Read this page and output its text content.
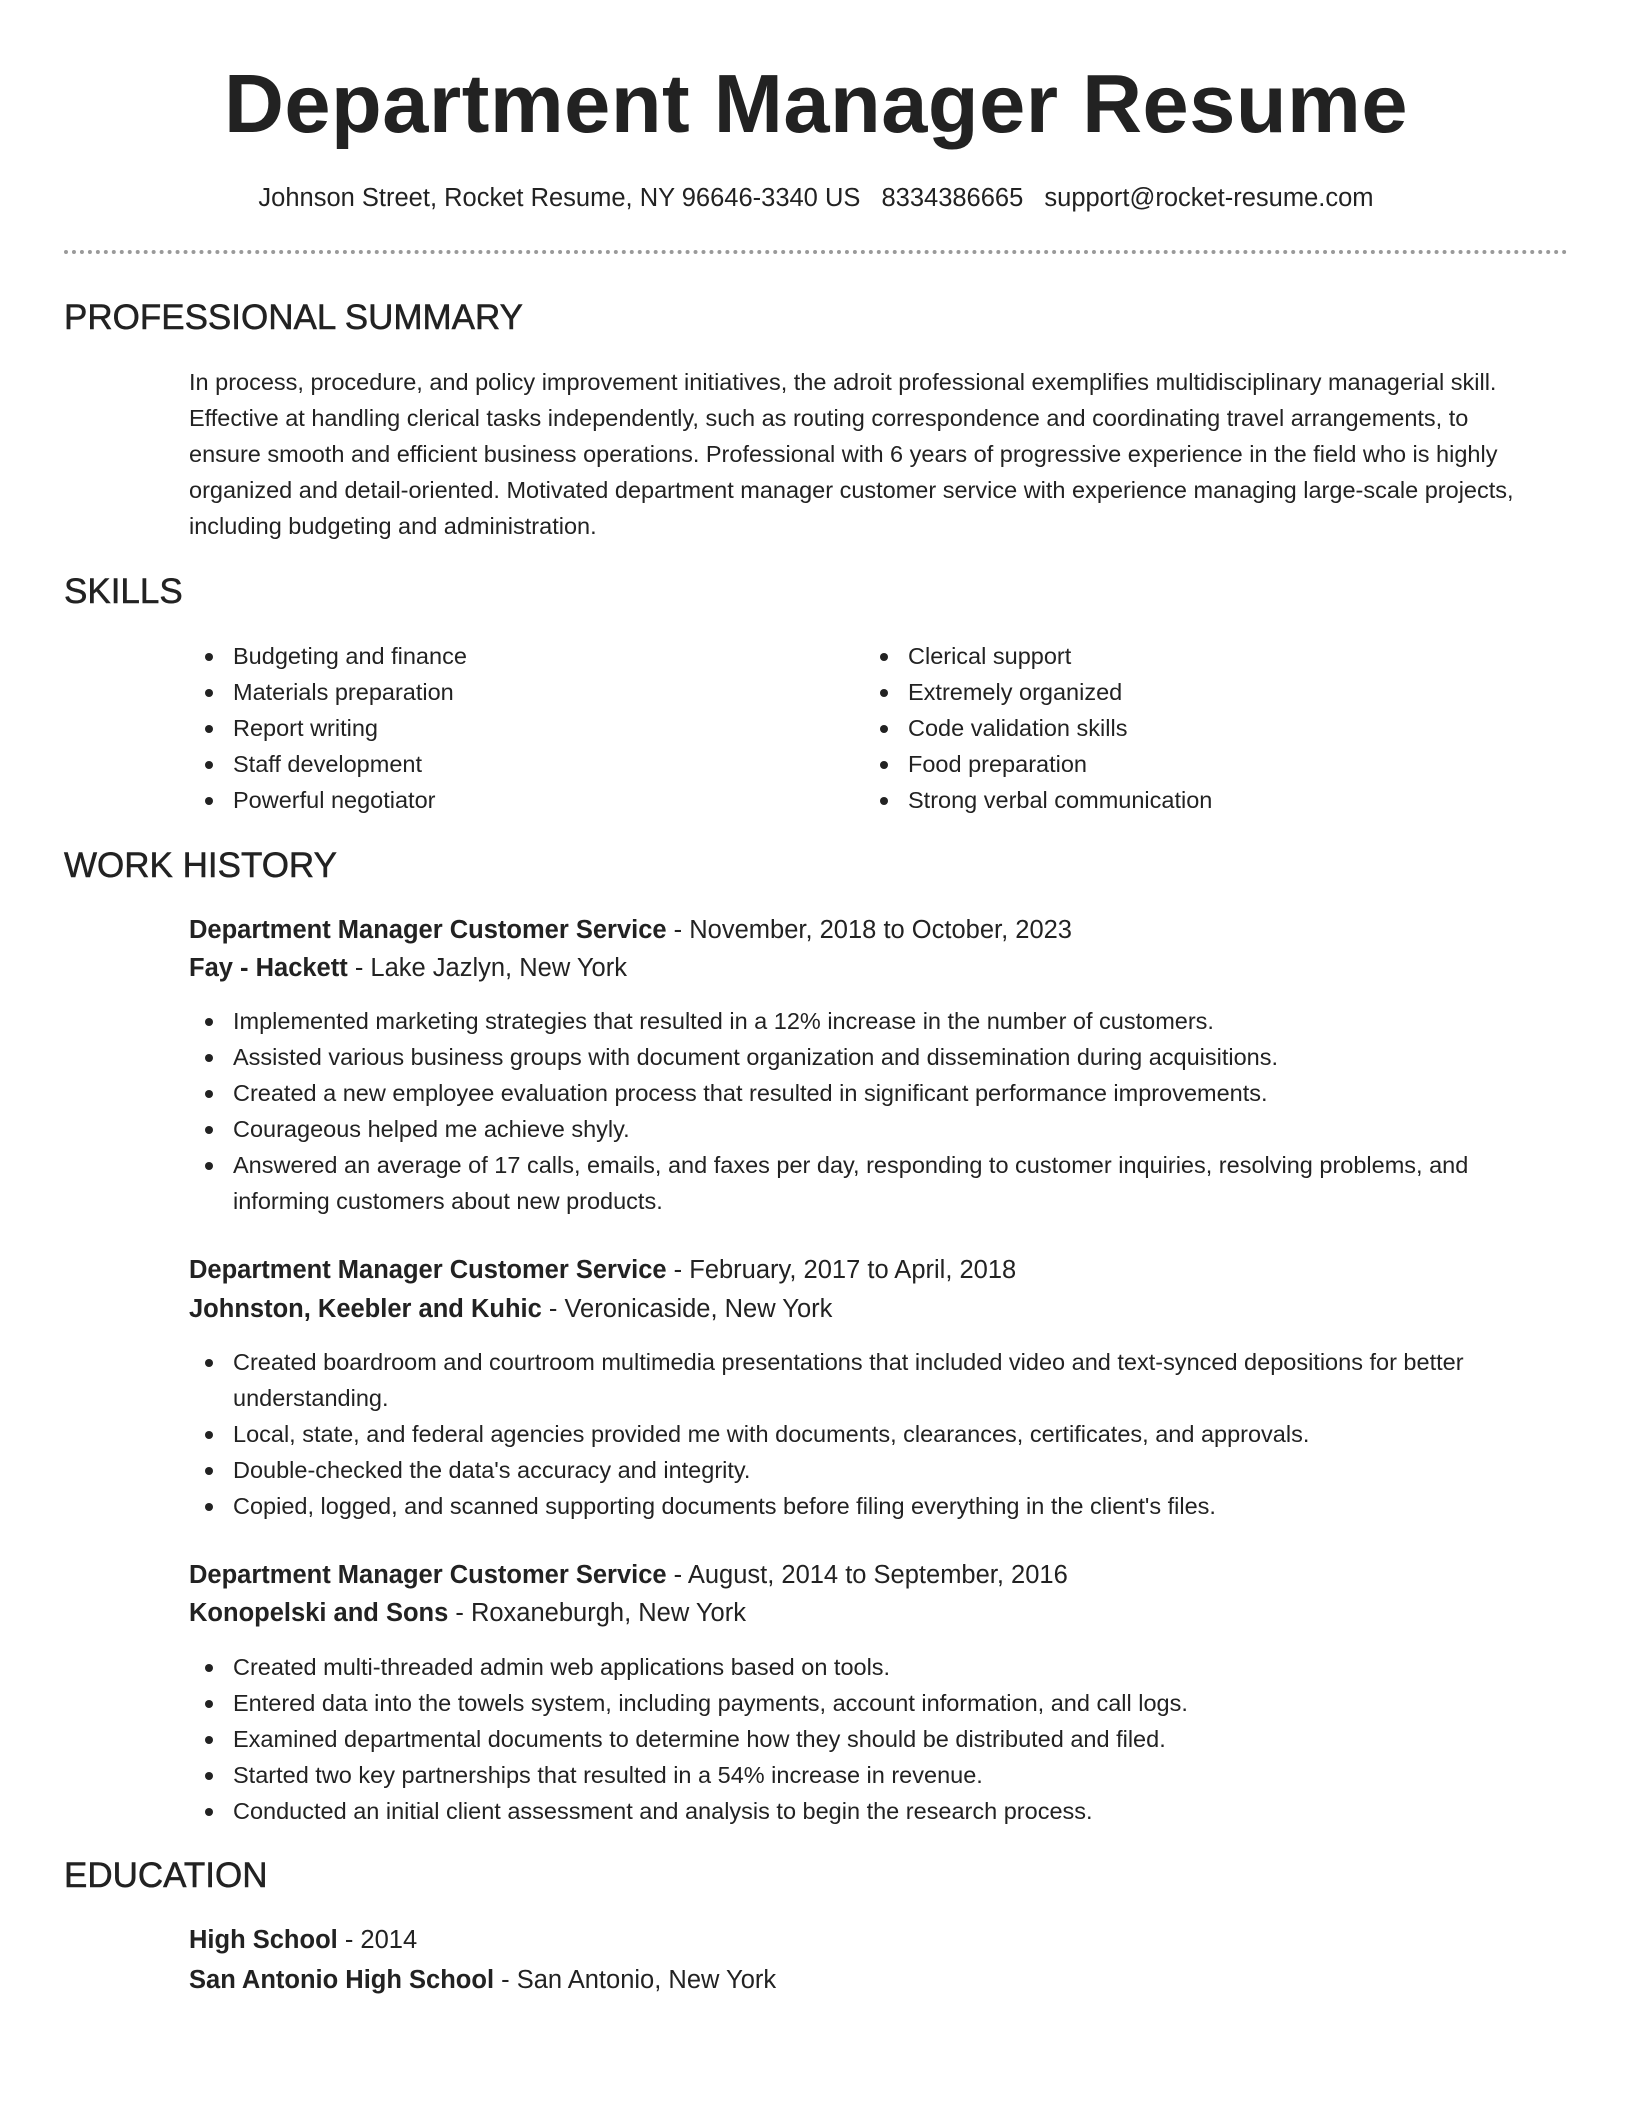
Department Manager Resume
Johnson Street, Rocket Resume, NY 96646-3340 US 8334386665 support@rocket-resume.com
PROFESSIONAL SUMMARY

In process, procedure, and policy improvement initiatives, the adroit professional exemplifies multidisciplinary managerial skill. Effective at handling clerical tasks independently, such as routing correspondence and coordinating travel arrangements, to ensure smooth and efficient business operations. Professional with 6 years of progressive experience in the field who is highly organized and detail-oriented. Motivated department manager customer service with experience managing large-scale projects, including budgeting and administration.

SKILLS
Budgeting and finance
Materials preparation
Report writing
Staff development
Powerful negotiator
Clerical support
Extremely organized
Code validation skills
Food preparation
Strong verbal communication
WORK HISTORY
Department Manager Customer Service - November, 2018 to October, 2023
Fay - Hackett - Lake Jazlyn, New York
Implemented marketing strategies that resulted in a 12% increase in the number of customers.
Assisted various business groups with document organization and dissemination during acquisitions.
Created a new employee evaluation process that resulted in significant performance improvements.
Courageous helped me achieve shyly.
Answered an average of 17 calls, emails, and faxes per day, responding to customer inquiries, resolving problems, and informing customers about new products.
Department Manager Customer Service - February, 2017 to April, 2018
Johnston, Keebler and Kuhic - Veronicaside, New York
Created boardroom and courtroom multimedia presentations that included video and text-synced depositions for better understanding.
Local, state, and federal agencies provided me with documents, clearances, certificates, and approvals.
Double-checked the data's accuracy and integrity.
Copied, logged, and scanned supporting documents before filing everything in the client's files.
Department Manager Customer Service - August, 2014 to September, 2016
Konopelski and Sons - Roxaneburgh, New York
Created multi-threaded admin web applications based on tools.
Entered data into the towels system, including payments, account information, and call logs.
Examined departmental documents to determine how they should be distributed and filed.
Started two key partnerships that resulted in a 54% increase in revenue.
Conducted an initial client assessment and analysis to begin the research process.
EDUCATION
High School - 2014
San Antonio High School - San Antonio, New York
